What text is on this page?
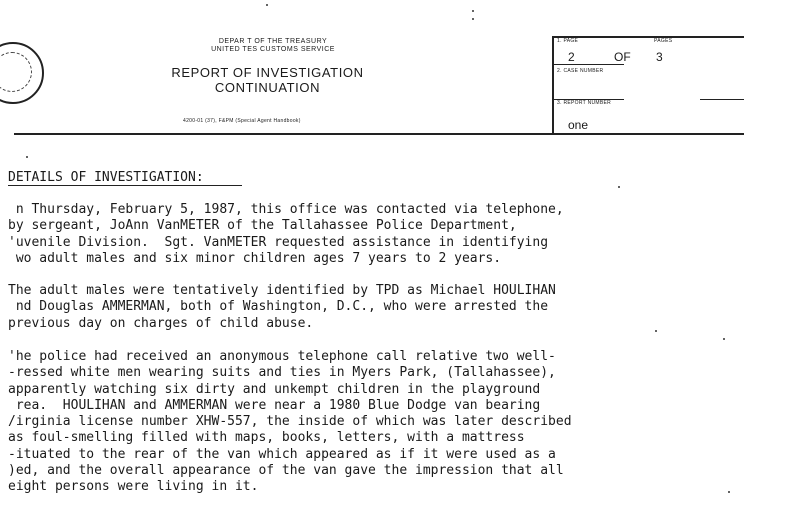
DEPAR T OF THE TREASURY
UNITED TES CUSTOMS SERVICE
REPORT OF INVESTIGATION
CONTINUATION
4200-01 (37), F&PM (Special Agent Handbook)
1. PAGE	PAGES
2	OF 3
2. CASE NUMBER
3. REPORT NUMBER
one
DETAILS OF INVESTIGATION:
n Thursday, February 5, 1987, this office was contacted via telephone,
by sergeant, JoAnn VanMETER of the Tallahassee Police Department,
'uvenile Division.  Sgt. VanMETER requested assistance in identifying
wo adult males and six minor children ages 7 years to 2 years.
The adult males were tentatively identified by TPD as Michael HOULIHAN
nd Douglas AMMERMAN, both of Washington, D.C., who were arrested the
previous day on charges of child abuse.
'he police had received an anonymous telephone call relative two well-
-ressed white men wearing suits and ties in Myers Park, (Tallahassee),
apparently watching six dirty and unkempt children in the playground
rea.  HOULIHAN and AMMERMAN were near a 1980 Blue Dodge van bearing
/irginia license number XHW-557, the inside of which was later described
as foul-smelling filled with maps, books, letters, with a mattress
-ituated to the rear of the van which appeared as if it were used as a
)ed, and the overall appearance of the van gave the impression that all
eight persons were living in it.
